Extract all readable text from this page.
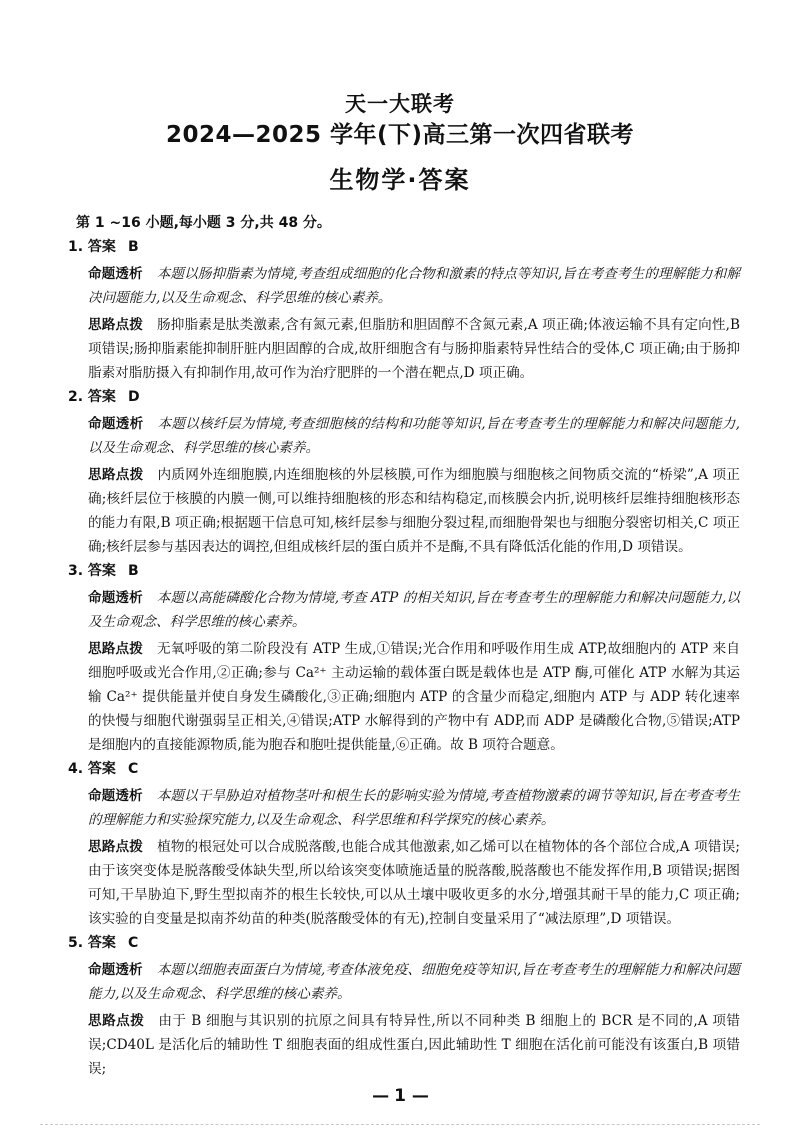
天一大联考
2024—2025 学年(下)高三第一次四省联考
生物学·答案
第 1 ~16 小题,每小题 3 分,共 48 分。
1. 答案 B
命题透析 本题以肠抑脂素为情境,考查组成细胞的化合物和激素的特点等知识,旨在考查考生的理解能力和解决问题能力,以及生命观念、科学思维的核心素养。
思路点拨 肠抑脂素是肽类激素,含有氮元素,但脂肪和胆固醇不含氮元素,A 项正确;体液运输不具有定向性,B 项错误;肠抑脂素能抑制肝脏内胆固醇的合成,故肝细胞含有与肠抑脂素特异性结合的受体,C 项正确;由于肠抑脂素对脂肪摄入有抑制作用,故可作为治疗肥胖的一个潜在靶点,D 项正确。
2. 答案 D
命题透析 本题以核纤层为情境,考查细胞核的结构和功能等知识,旨在考查考生的理解能力和解决问题能力,以及生命观念、科学思维的核心素养。
思路点拨 内质网外连细胞膜,内连细胞核的外层核膜,可作为细胞膜与细胞核之间物质交流的“桥梁”,A 项正确;核纤层位于核膜的内膜一侧,可以维持细胞核的形态和结构稳定,而核膜会内折,说明核纤层维持细胞核形态的能力有限,B 项正确;根据题干信息可知,核纤层参与细胞分裂过程,而细胞骨架也与细胞分裂密切相关,C 项正确;核纤层参与基因表达的调控,但组成核纤层的蛋白质并不是酶,不具有降低活化能的作用,D 项错误。
3. 答案 B
命题透析 本题以高能磷酸化合物为情境,考查 ATP 的相关知识,旨在考查考生的理解能力和解决问题能力,以及生命观念、科学思维的核心素养。
思路点拨 无氧呼吸的第二阶段没有 ATP 生成,①错误;光合作用和呼吸作用生成 ATP,故细胞内的 ATP 来自细胞呼吸或光合作用,②正确;参与 Ca²⁺ 主动运输的载体蛋白既是载体也是 ATP 酶,可催化 ATP 水解为其运输 Ca²⁺ 提供能量并使自身发生磷酸化,③正确;细胞内 ATP 的含量少而稳定,细胞内 ATP 与 ADP 转化速率的快慢与细胞代谢强弱呈正相关,④错误;ATP 水解得到的产物中有 ADP,而 ADP 是磷酸化合物,⑤错误;ATP 是细胞内的直接能源物质,能为胞吞和胞吐提供能量,⑥正确。故 B 项符合题意。
4. 答案 C
命题透析 本题以干旱胁迫对植物茎叶和根生长的影响实验为情境,考查植物激素的调节等知识,旨在考查考生的理解能力和实验探究能力,以及生命观念、科学思维和科学探究的核心素养。
思路点拨 植物的根冠处可以合成脱落酸,也能合成其他激素,如乙烯可以在植物体的各个部位合成,A 项错误;由于该突变体是脱落酸受体缺失型,所以给该突变体喷施适量的脱落酸,脱落酸也不能发挥作用,B 项错误;据图可知,干旱胁迫下,野生型拟南芥的根生长较快,可以从土壤中吸收更多的水分,增强其耐干旱的能力,C 项正确;该实验的自变量是拟南芥幼苗的种类(脱落酸受体的有无),控制自变量采用了“减法原理”,D 项错误。
5. 答案 C
命题透析 本题以细胞表面蛋白为情境,考查体液免疫、细胞免疫等知识,旨在考查考生的理解能力和解决问题能力,以及生命观念、科学思维的核心素养。
思路点拨 由于 B 细胞与其识别的抗原之间具有特异性,所以不同种类 B 细胞上的 BCR 是不同的,A 项错误;CD40L 是活化后的辅助性 T 细胞表面的组成性蛋白,因此辅助性 T 细胞在活化前可能没有该蛋白,B 项错误;
— 1 —
